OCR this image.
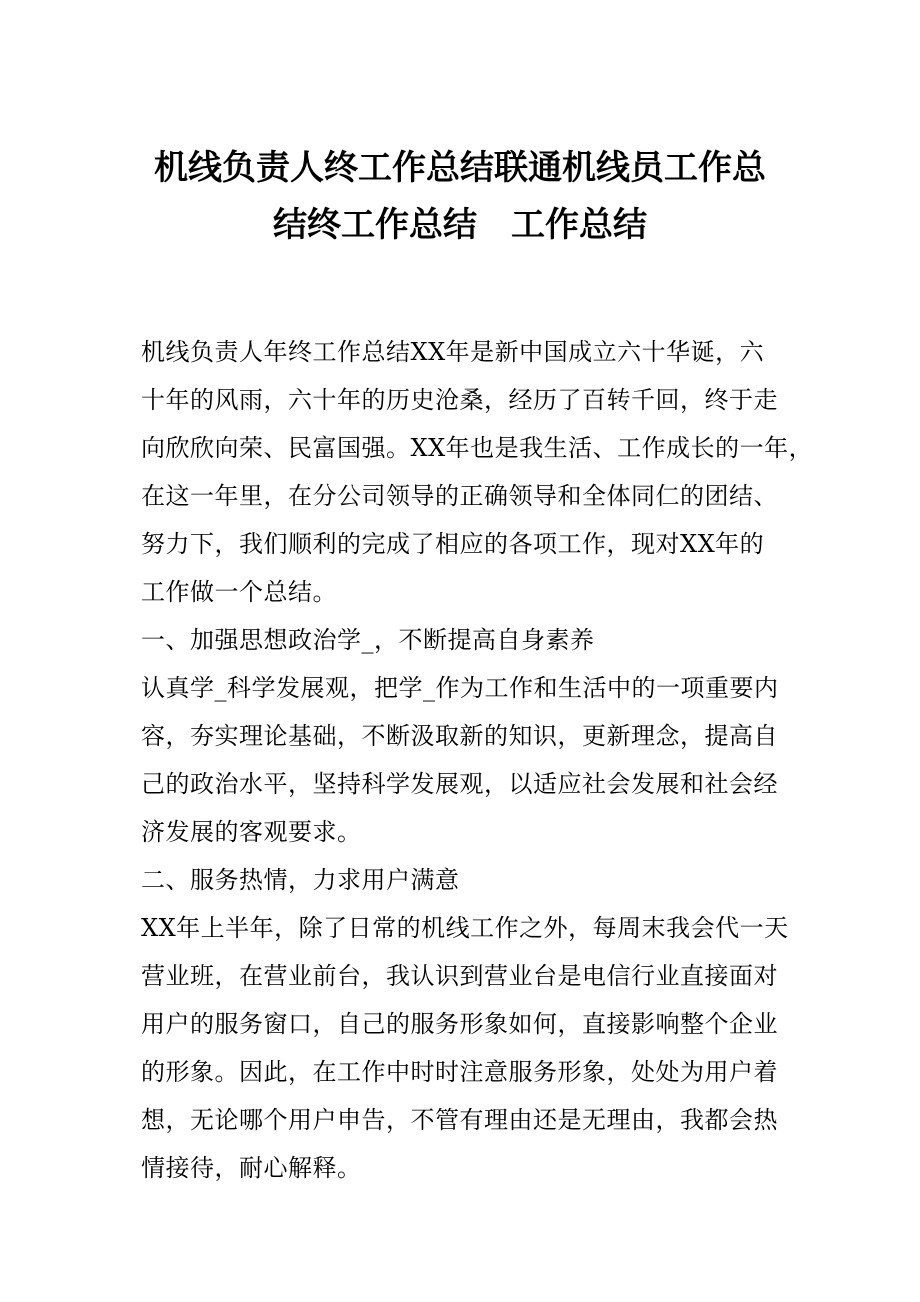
机线负责人终工作总结联通机线员工作总
结终工作总结　工作总结
机线负责人年终工作总结XX年是新中国成立六十华诞，六
十年的风雨，六十年的历史沧桑，经历了百转千回，终于走
向欣欣向荣、民富国强。XX年也是我生活、工作成长的一年，
在这一年里，在分公司领导的正确领导和全体同仁的团结、
努力下，我们顺利的完成了相应的各项工作，现对XX年的
工作做一个总结。
一、加强思想政治学_，不断提高自身素养
认真学_科学发展观，把学_作为工作和生活中的一项重要内
容，夯实理论基础，不断汲取新的知识，更新理念，提高自
己的政治水平，坚持科学发展观，以适应社会发展和社会经
济发展的客观要求。
二、服务热情，力求用户满意
XX年上半年，除了日常的机线工作之外，每周末我会代一天
营业班，在营业前台，我认识到营业台是电信行业直接面对
用户的服务窗口，自己的服务形象如何，直接影响整个企业
的形象。因此，在工作中时时注意服务形象，处处为用户着
想，无论哪个用户申告，不管有理由还是无理由，我都会热
情接待，耐心解释。
